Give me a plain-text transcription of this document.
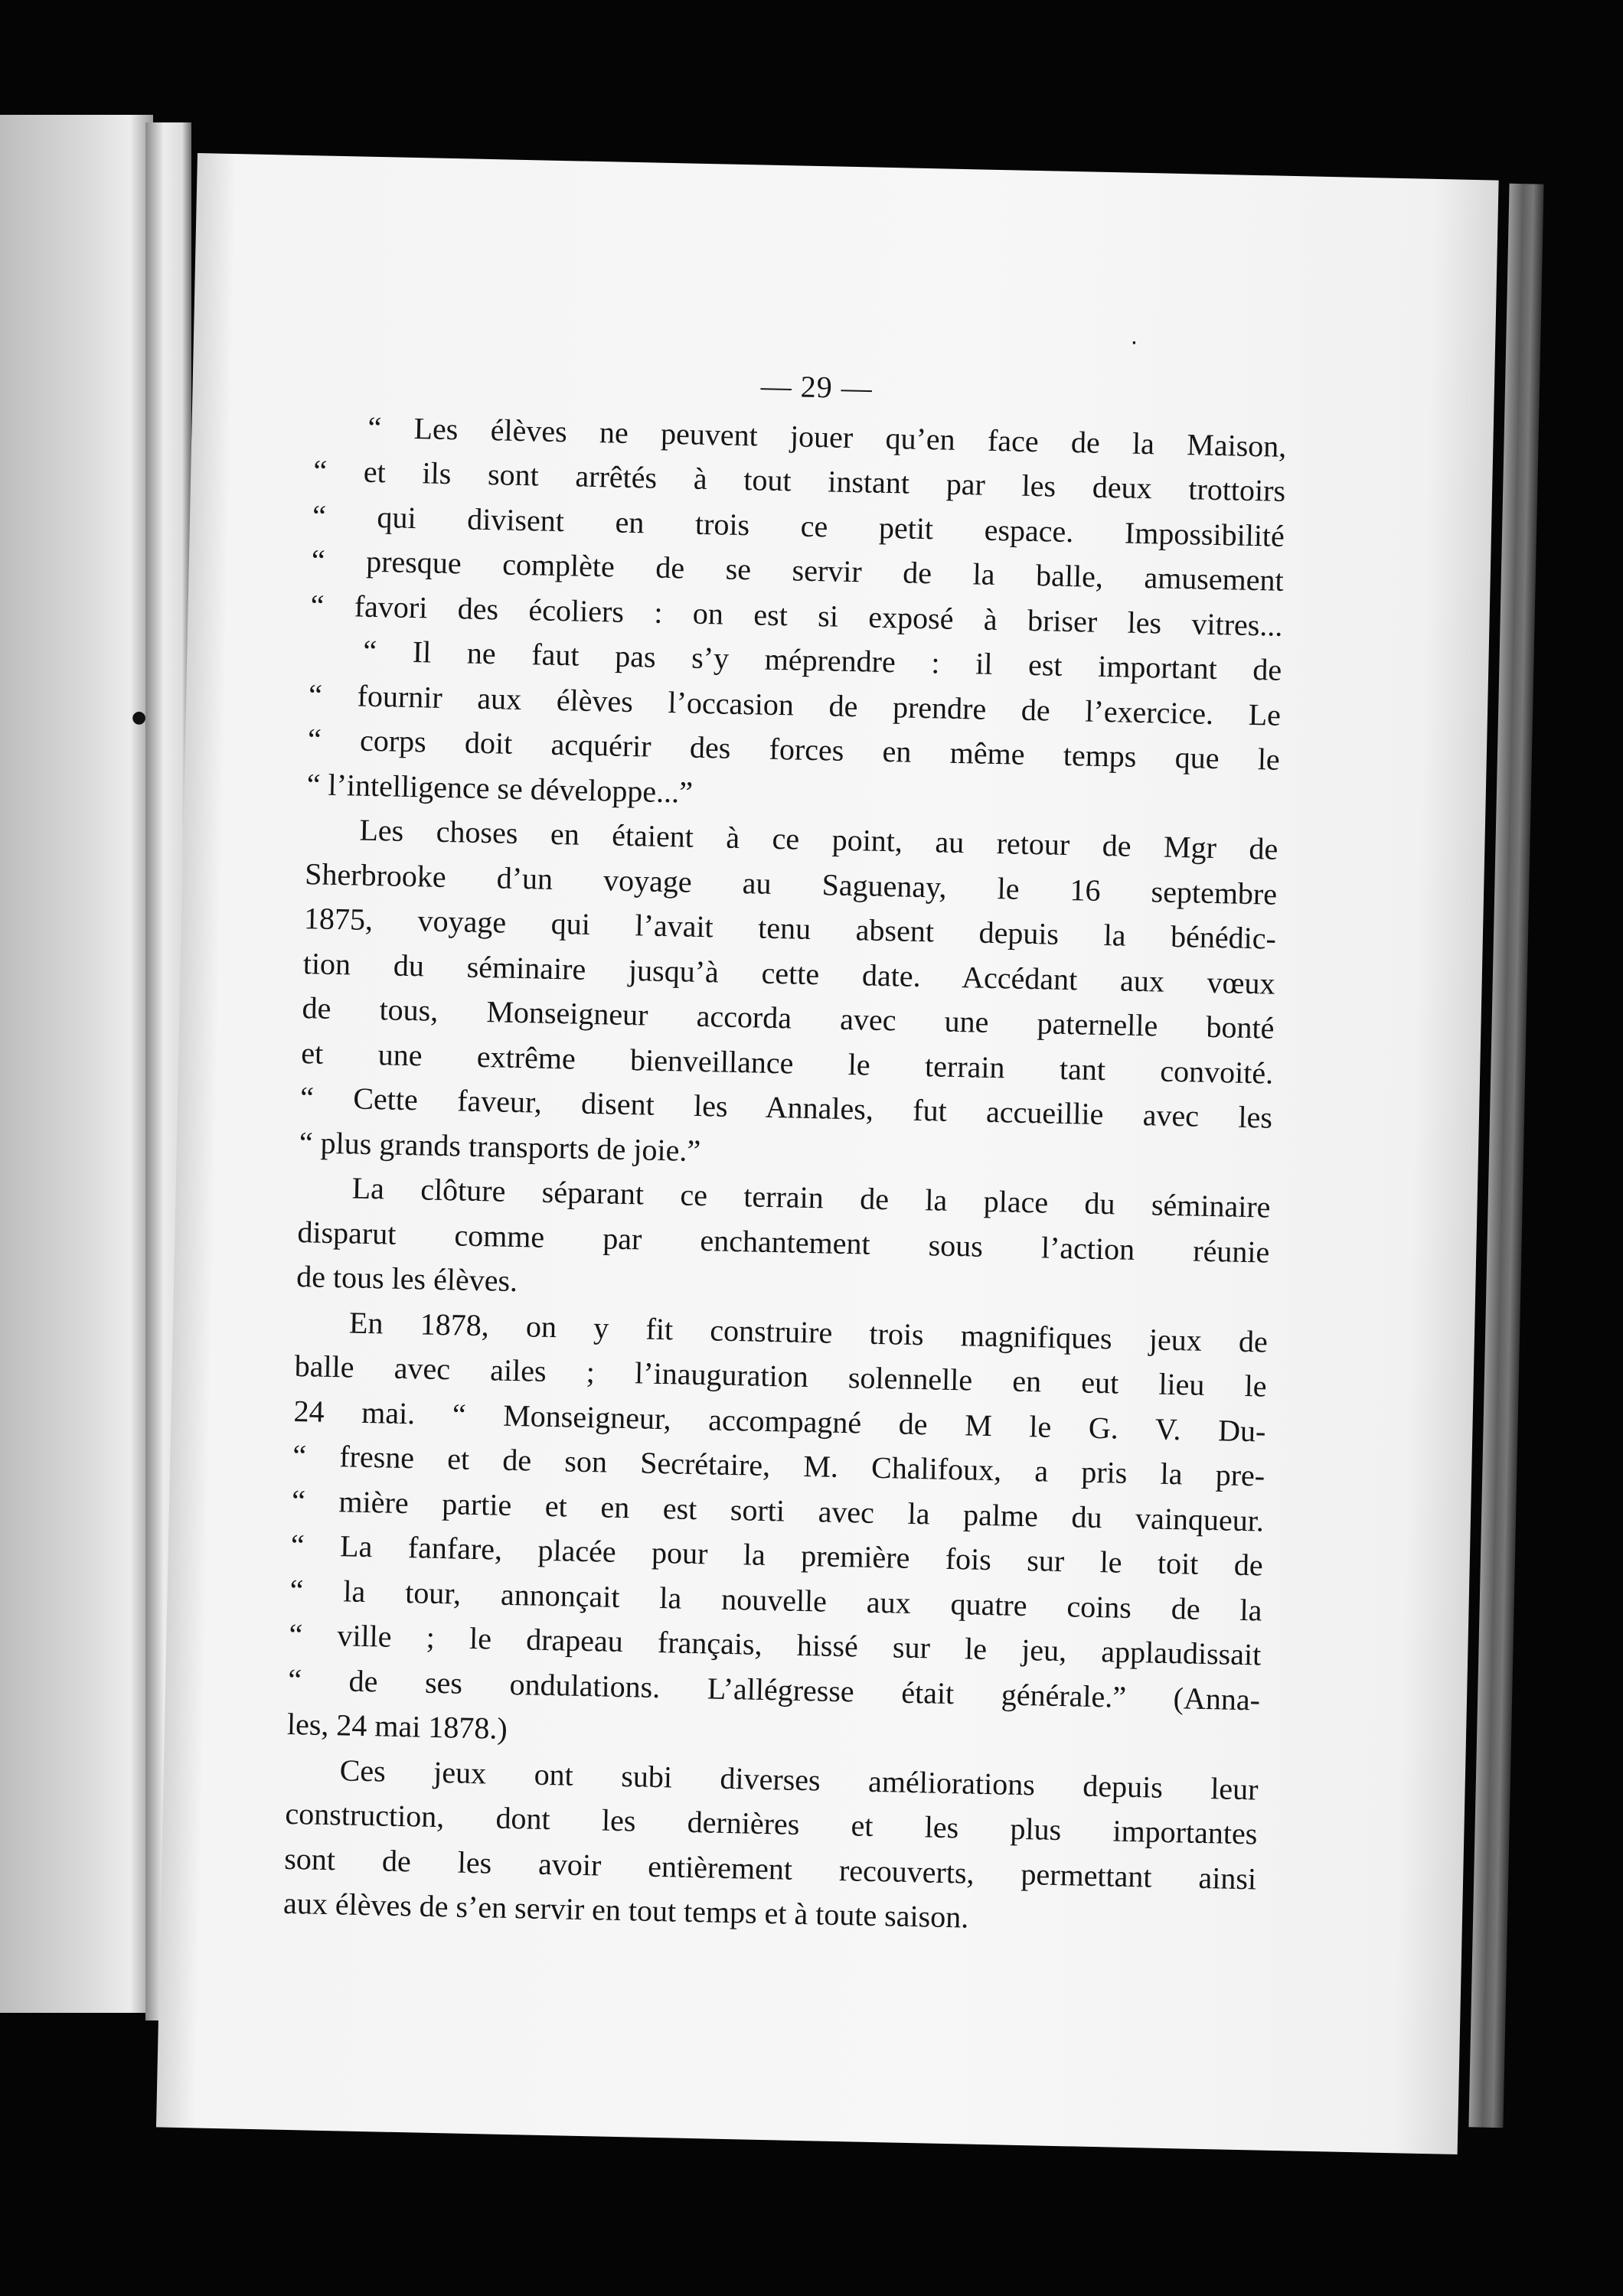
— 29 —
“ Les élèves ne peuvent jouer qu’en face de la Maison,
“ et ils sont arrêtés à tout instant par les deux trottoirs
“ qui divisent en trois ce petit espace. Impossibilité
“ presque complète de se servir de la balle, amusement
“ favori des écoliers : on est si exposé à briser les vitres...
“ Il ne faut pas s’y méprendre : il est important de
“ fournir aux élèves l’occasion de prendre de l’exercice. Le
“ corps doit acquérir des forces en même temps que le
“ l’intelligence se développe...”
Les choses en étaient à ce point, au retour de Mgr de
Sherbrooke d’un voyage au Saguenay, le 16 septembre
1875, voyage qui l’avait tenu absent depuis la bénédic-
tion du séminaire jusqu’à cette date. Accédant aux vœux
de tous, Monseigneur accorda avec une paternelle bonté
et une extrême bienveillance le terrain tant convoité.
“ Cette faveur, disent les Annales, fut accueillie avec les
“ plus grands transports de joie.”
La clôture séparant ce terrain de la place du séminaire
disparut comme par enchantement sous l’action réunie
de tous les élèves.
En 1878, on y fit construire trois magnifiques jeux de
balle avec ailes ; l’inauguration solennelle en eut lieu le
24 mai. “ Monseigneur, accompagné de M le G. V. Du-
“ fresne et de son Secrétaire, M. Chalifoux, a pris la pre-
“ mière partie et en est sorti avec la palme du vainqueur.
“ La fanfare, placée pour la première fois sur le toit de
“ la tour, annonçait la nouvelle aux quatre coins de la
“ ville ; le drapeau français, hissé sur le jeu, applaudissait
“ de ses ondulations. L’allégresse était générale.” (Anna-
les, 24 mai 1878.)
Ces jeux ont subi diverses améliorations depuis leur
construction, dont les dernières et les plus importantes
sont de les avoir entièrement recouverts, permettant ainsi
aux élèves de s’en servir en tout temps et à toute saison.
●
·
